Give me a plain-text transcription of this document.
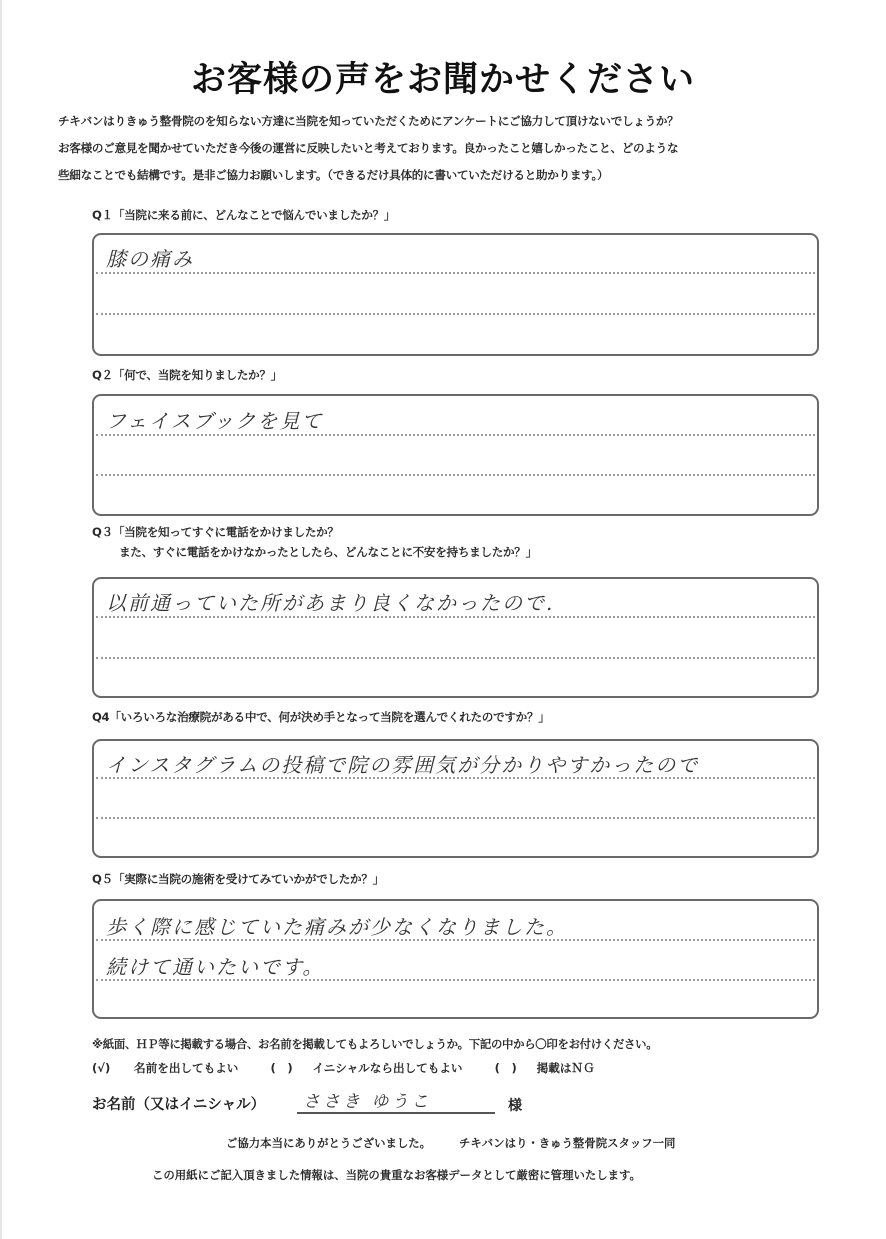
お客様の声をお聞かせください
チキバンはりきゅう整骨院のを知らない方達に当院を知っていただくためにアンケートにご協力して頂けないでしょうか？
お客様のご意見を聞かせていただき今後の運営に反映したいと考えております。良かったこと嬉しかったこと、どのような
些細なことでも結構です。是非ご協力お願いします。（できるだけ具体的に書いていただけると助かります。）
Q１「当院に来る前に、どんなことで悩んでいましたか？」
膝の痛み
Q２「何で、当院を知りましたか？」
フェイスブックを見て
Q３「当院を知ってすぐに電話をかけましたか？
また、すぐに電話をかけなかったとしたら、どんなことに不安を持ちましたか？」
以前通っていた所があまり良くなかったので.
Q4「いろいろな治療院がある中で、何が決め手となって当院を選んでくれたのですか？」
インスタグラムの投稿で院の雰囲気が分かりやすかったので
Q５「実際に当院の施術を受けてみていかがでしたか？」
歩く際に感じていた痛みが少なくなりました。
続けて通いたいです。
※紙面、ＨＰ等に掲載する場合、お名前を掲載してもよろしいでしょうか。下記の中から〇印をお付けください。
(√) 名前を出してもよい	(　) イニシャルなら出してもよい	(　) 掲載はＮＧ
お名前（又はイニシャル）	ささき ゆうこ	様
ご協力本当にありがとうございました。 チキバンはり・きゅう整骨院スタッフ一同
この用紙にご記入頂きました情報は、当院の貴重なお客様データとして厳密に管理いたします。
